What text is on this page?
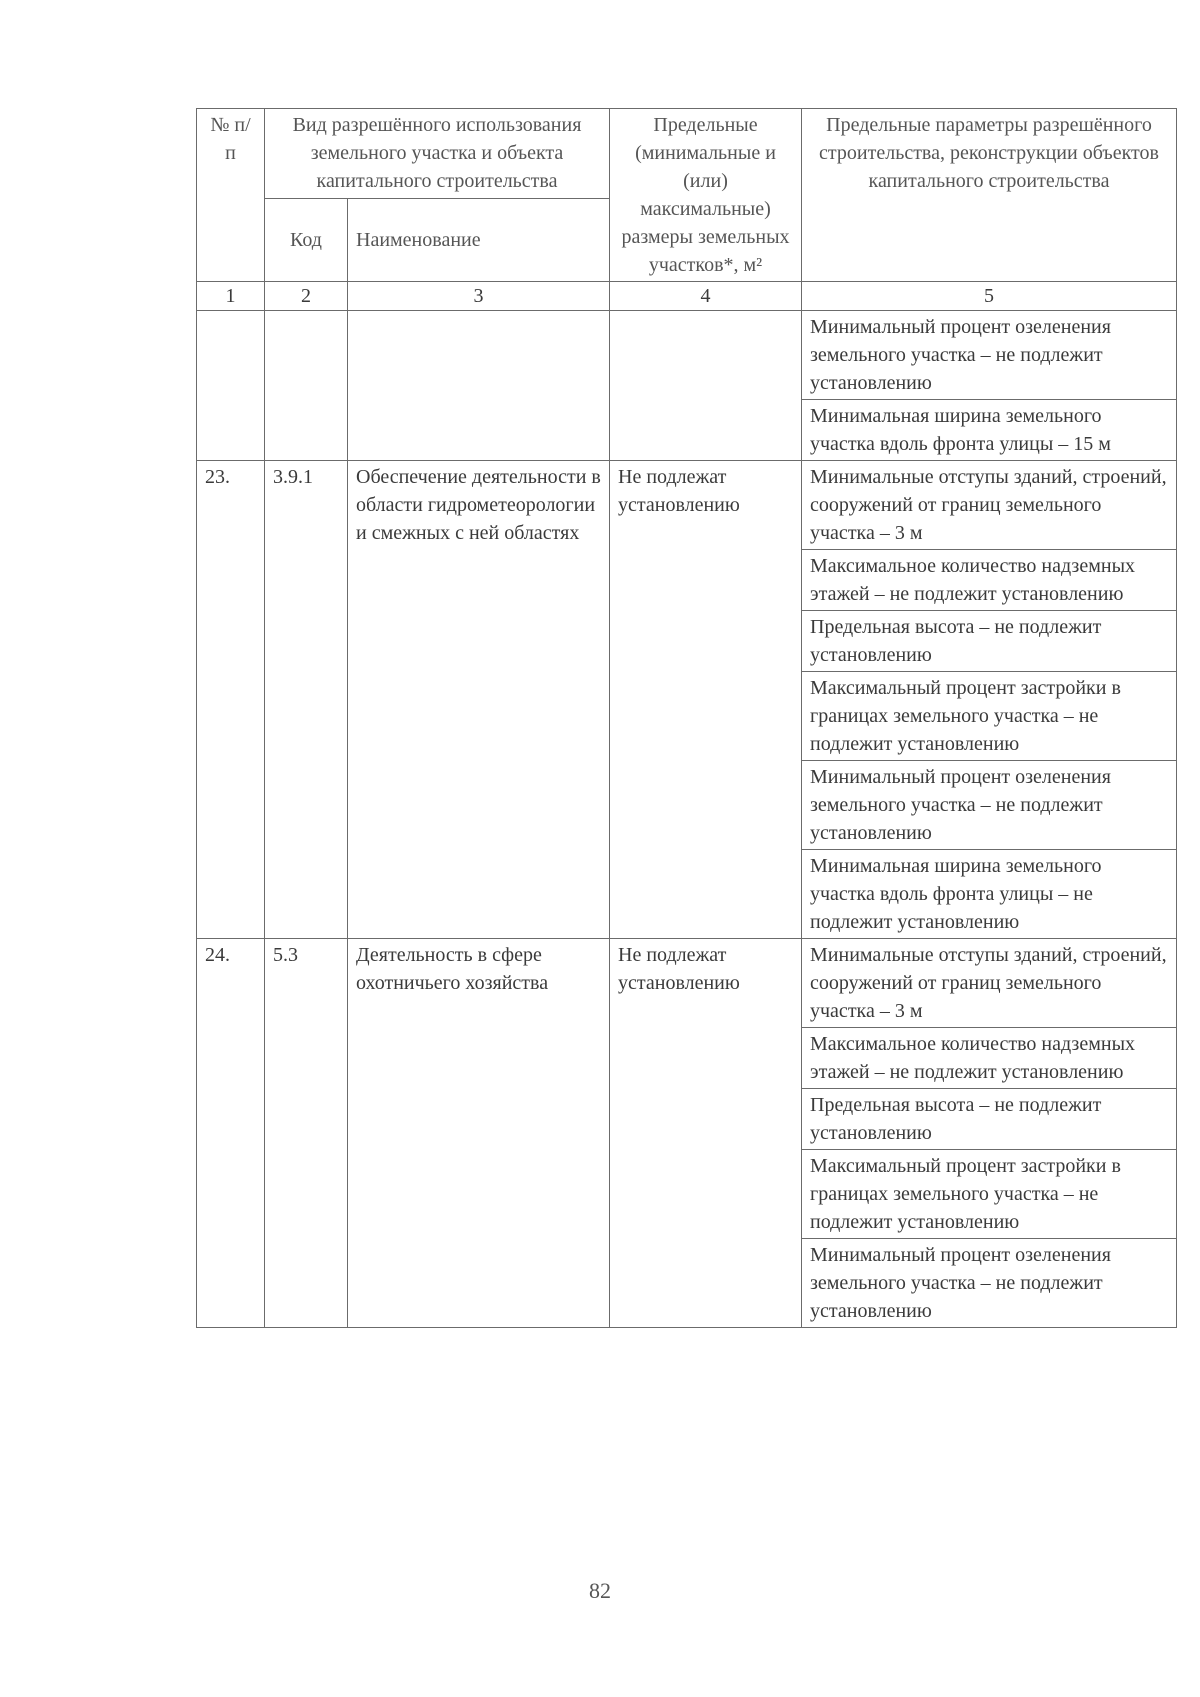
№ п/п	Вид разрешённого использования земельного участка и объекта капитального строительства		Предельные (минимальные и (или) максимальные) размеры земельных участков*, м²	Предельные параметры разрешённого строительства, реконструкции объектов капитального строительства
	Код	Наименование		
1	2	3	4	5
				Минимальный процент озеленения земельного участка – не подлежит установлению
				Минимальная ширина земельного участка вдоль фронта улицы – 15 м
23.	3.9.1	Обеспечение деятельности в области гидрометеорологии и смежных с ней областях	Не подлежат установлению	Минимальные отступы зданий, строений, сооружений от границ земельного участка – 3 м
				Максимальное количество надземных этажей – не подлежит установлению
				Предельная высота – не подлежит установлению
				Максимальный процент застройки в границах земельного участка – не подлежит установлению
				Минимальный процент озеленения земельного участка – не подлежит установлению
				Минимальная ширина земельного участка вдоль фронта улицы – не подлежит установлению
24.	5.3	Деятельность в сфере охотничьего хозяйства	Не подлежат установлению	Минимальные отступы зданий, строений, сооружений от границ земельного участка – 3 м
				Максимальное количество надземных этажей – не подлежит установлению
				Предельная высота – не подлежит установлению
				Максимальный процент застройки в границах земельного участка – не подлежит установлению
				Минимальный процент озеленения земельного участка – не подлежит установлению
82
